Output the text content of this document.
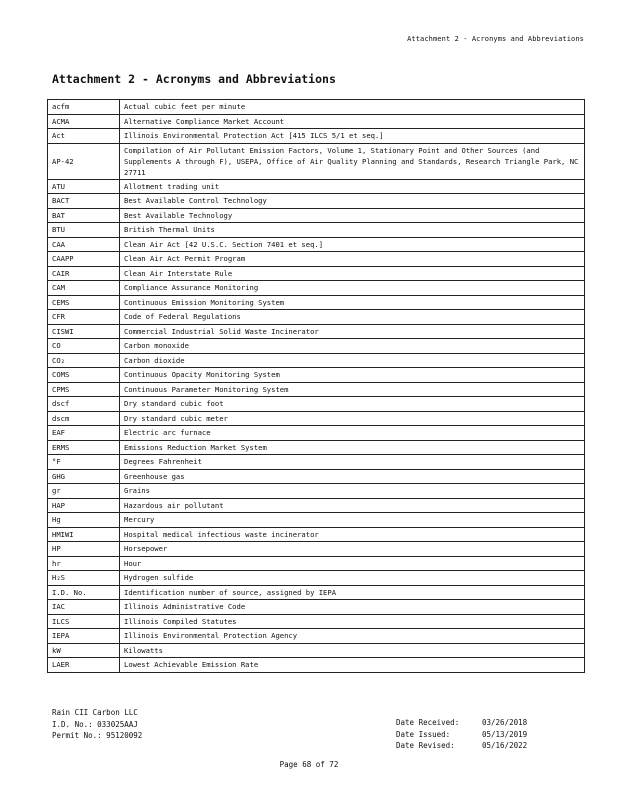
Attachment 2 - Acronyms and Abbreviations
Attachment 2 - Acronyms and Abbreviations
acfm	Actual cubic feet per minute
ACMA	Alternative Compliance Market Account
Act	Illinois Environmental Protection Act [415 ILCS 5/1 et seq.]
AP-42	Compilation of Air Pollutant Emission Factors, Volume 1, Stationary Point and Other Sources (and Supplements A through F), USEPA, Office of Air Quality Planning and Standards, Research Triangle Park, NC 27711
ATU	Allotment trading unit
BACT	Best Available Control Technology
BAT	Best Available Technology
BTU	British Thermal Units
CAA	Clean Air Act [42 U.S.C. Section 7401 et seq.]
CAAPP	Clean Air Act Permit Program
CAIR	Clean Air Interstate Rule
CAM	Compliance Assurance Monitoring
CEMS	Continuous Emission Monitoring System
CFR	Code of Federal Regulations
CISWI	Commercial Industrial Solid Waste Incinerator
CO	Carbon monoxide
CO₂	Carbon dioxide
COMS	Continuous Opacity Monitoring System
CPMS	Continuous Parameter Monitoring System
dscf	Dry standard cubic foot
dscm	Dry standard cubic meter
EAF	Electric arc furnace
ERMS	Emissions Reduction Market System
°F	Degrees Fahrenheit
GHG	Greenhouse gas
gr	Grains
HAP	Hazardous air pollutant
Hg	Mercury
HMIWI	Hospital medical infectious waste incinerator
HP	Horsepower
hr	Hour
H₂S	Hydrogen sulfide
I.D. No.	Identification number of source, assigned by IEPA
IAC	Illinois Administrative Code
ILCS	Illinois Compiled Statutes
IEPA	Illinois Environmental Protection Agency
kW	Kilowatts
LAER	Lowest Achievable Emission Rate
Rain CII Carbon LLC
I.D. No.: 033025AAJ
Permit No.: 95120092
Date Received:	03/26/2018
Date Issued:	05/13/2019
Date Revised:	05/16/2022
Page 68 of 72
